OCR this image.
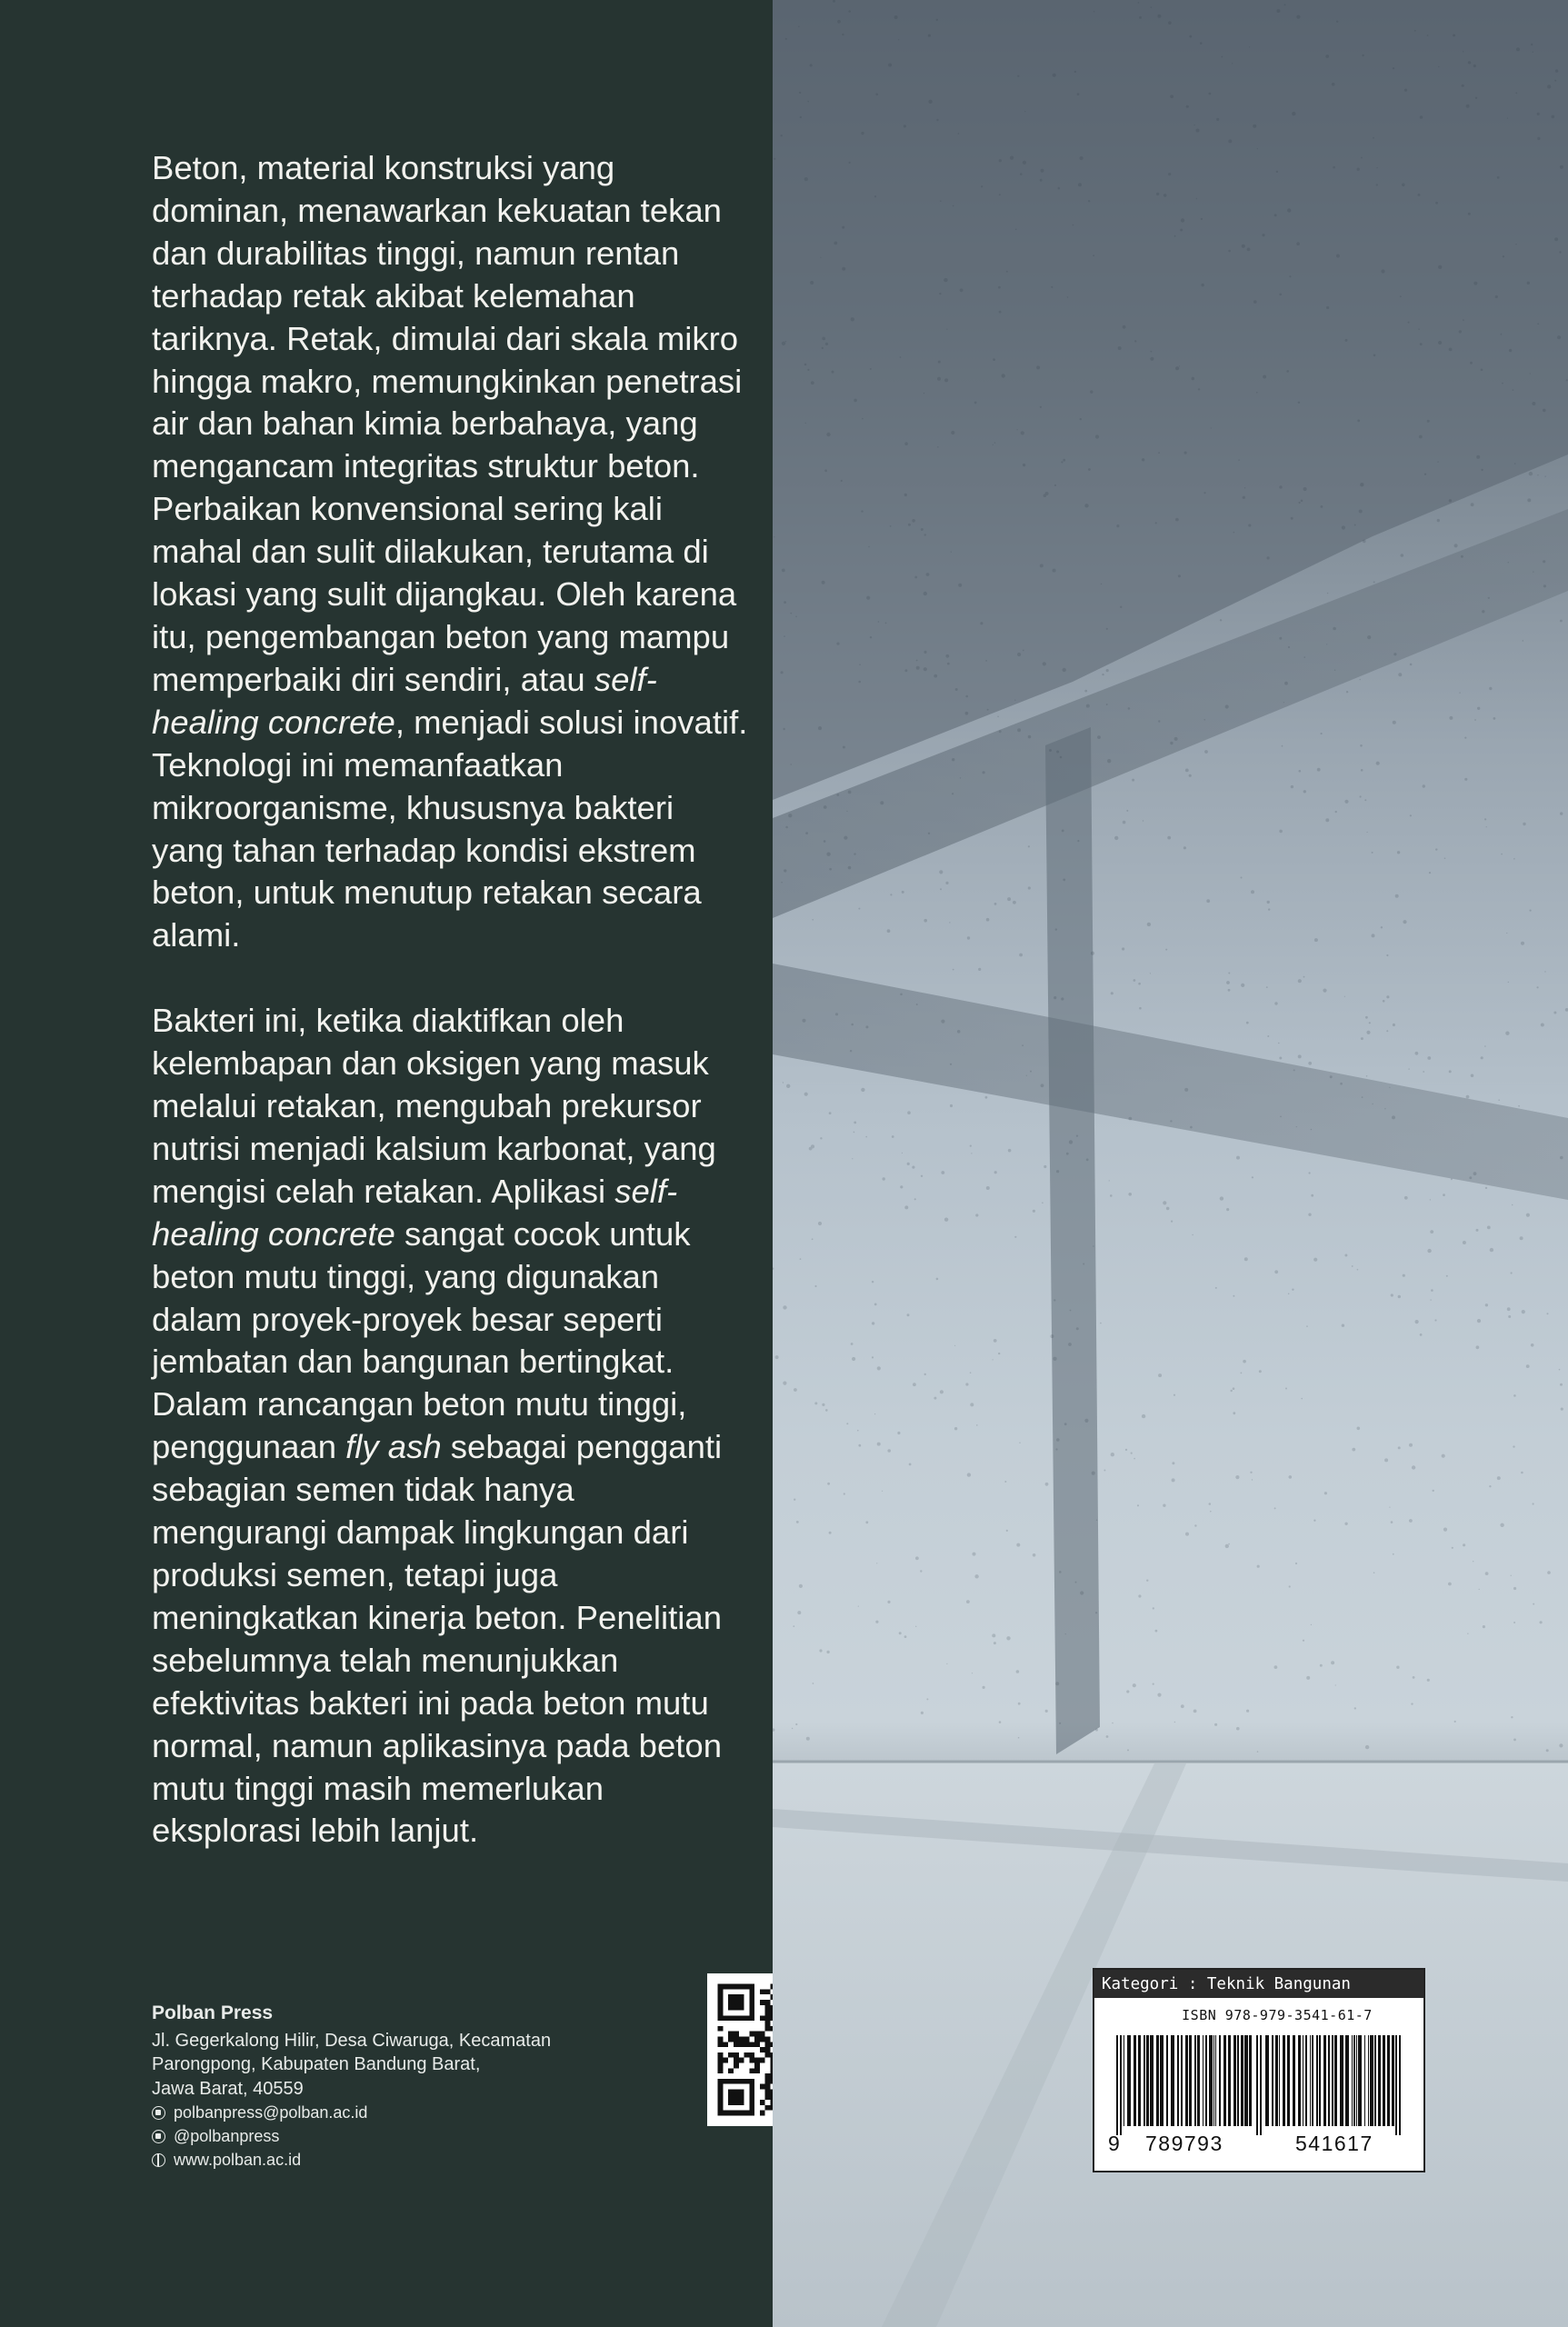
Beton, material konstruksi yang dominan, menawarkan kekuatan tekan dan durabilitas tinggi, namun rentan terhadap retak akibat kelemahan tariknya. Retak, dimulai dari skala mikro hingga makro, memungkinkan penetrasi air dan bahan kimia berbahaya, yang mengancam integritas struktur beton. Perbaikan konvensional sering kali mahal dan sulit dilakukan, terutama di lokasi yang sulit dijangkau. Oleh karena itu, pengembangan beton yang mampu memperbaiki diri sendiri, atau self-healing concrete, menjadi solusi inovatif. Teknologi ini memanfaatkan mikroorganisme, khususnya bakteri yang tahan terhadap kondisi ekstrem beton, untuk menutup retakan secara alami.

Bakteri ini, ketika diaktifkan oleh kelembapan dan oksigen yang masuk melalui retakan, mengubah prekursor nutrisi menjadi kalsium karbonat, yang mengisi celah retakan. Aplikasi self-healing concrete sangat cocok untuk beton mutu tinggi, yang digunakan dalam proyek-proyek besar seperti jembatan dan bangunan bertingkat. Dalam rancangan beton mutu tinggi, penggunaan fly ash sebagai pengganti sebagian semen tidak hanya mengurangi dampak lingkungan dari produksi semen, tetapi juga meningkatkan kinerja beton. Penelitian sebelumnya telah menunjukkan efektivitas bakteri ini pada beton mutu normal, namun aplikasinya pada beton mutu tinggi masih memerlukan eksplorasi lebih lanjut.

Polban Press
Jl. Gegerkalong Hilir, Desa Ciwaruga, Kecamatan
Parongpong, Kabupaten Bandung Barat,
Jawa Barat, 40559
polbanpress@polban.ac.id
@polbanpress
www.polban.ac.id
Kategori : Teknik Bangunan
ISBN 978-979-3541-61-7
9 789793	541617
